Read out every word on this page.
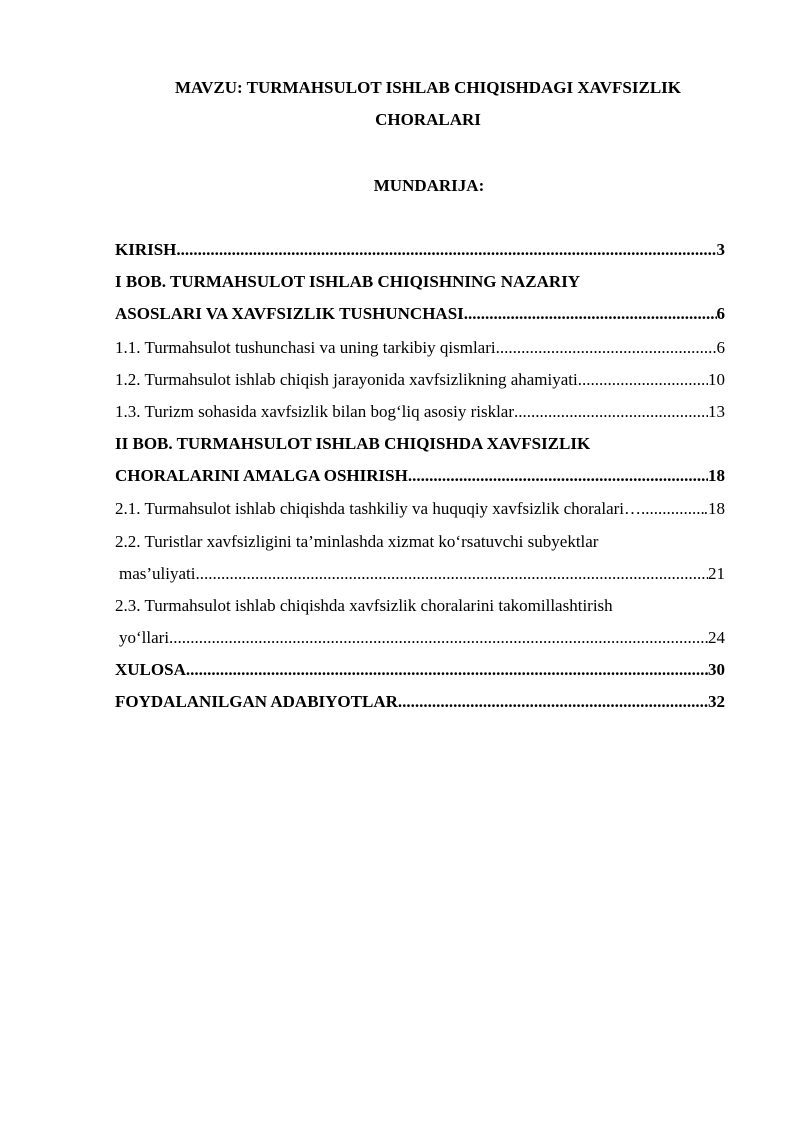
MAVZU: TURMAHSULOT ISHLAB CHIQISHDAGI XAVFSIZLIK
CHORALARI
MUNDARIJA:
KIRISH .....	3
I BOB. TURMAHSULOT ISHLAB CHIQISHNING NAZARIY
ASOSLARI VA XAVFSIZLIK TUSHUNCHASI .....	6
1.1. Turmahsulot tushunchasi va uning tarkibiy qismlari .....	6
1.2. Turmahsulot ishlab chiqish jarayonida xavfsizlikning ahamiyati .....	10
1.3. Turizm sohasida xavfsizlik bilan bog‘liq asosiy risklar .....	13
II BOB. TURMAHSULOT ISHLAB CHIQISHDA XAVFSIZLIK
CHORALARINI AMALGA OSHIRISH .....	18
2.1. Turmahsulot ishlab chiqishda tashkiliy va huquqiy xavfsizlik choralari… .....	.18
2.2. Turistlar xavfsizligini ta’minlashda xizmat ko‘rsatuvchi subyektlar
mas’uliyati .....	21
2.3. Turmahsulot ishlab chiqishda xavfsizlik choralarini takomillashtirish
yo‘llari .....	24
XULOSA .....	30
FOYDALANILGAN ADABIYOTLAR .....	32
